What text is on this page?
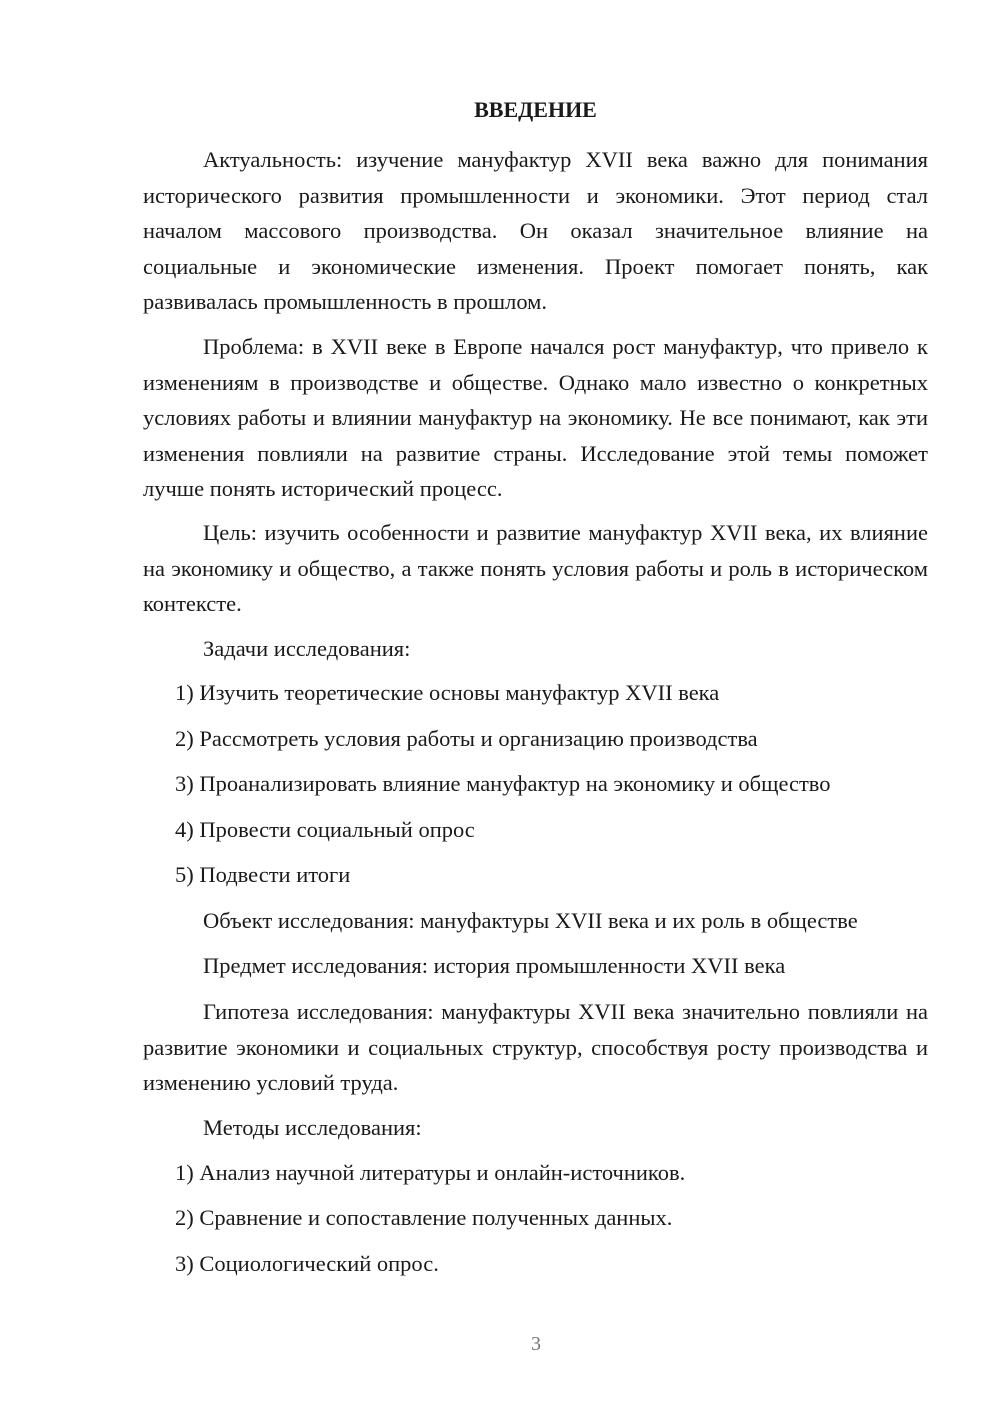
ВВЕДЕНИЕ

Актуальность: изучение мануфактур XVII века важно для понимания исторического развития промышленности и экономики. Этот период стал началом массового производства. Он оказал значительное влияние на социальные и экономические изменения. Проект помогает понять, как развивалась промышленность в прошлом.

Проблема: в XVII веке в Европе начался рост мануфактур, что привело к изменениям в производстве и обществе. Однако мало известно о конкретных условиях работы и влиянии мануфактур на экономику. Не все понимают, как эти изменения повлияли на развитие страны. Исследование этой темы поможет лучше понять исторический процесс.

Цель: изучить особенности и развитие мануфактур XVII века, их влияние на экономику и общество, а также понять условия работы и роль в историческом контексте.

Задачи исследования:

1) Изучить теоретические основы мануфактур XVII века

2) Рассмотреть условия работы и организацию производства

3) Проанализировать влияние мануфактур на экономику и общество

4) Провести социальный опрос

5) Подвести итоги

Объект исследования: мануфактуры XVII века и их роль в обществе

Предмет исследования: история промышленности XVII века

Гипотеза исследования: мануфактуры XVII века значительно повлияли на развитие экономики и социальных структур, способствуя росту производства и изменению условий труда.

Методы исследования:

1) Анализ научной литературы и онлайн-источников.

2) Сравнение и сопоставление полученных данных.

3) Социологический опрос.

3
